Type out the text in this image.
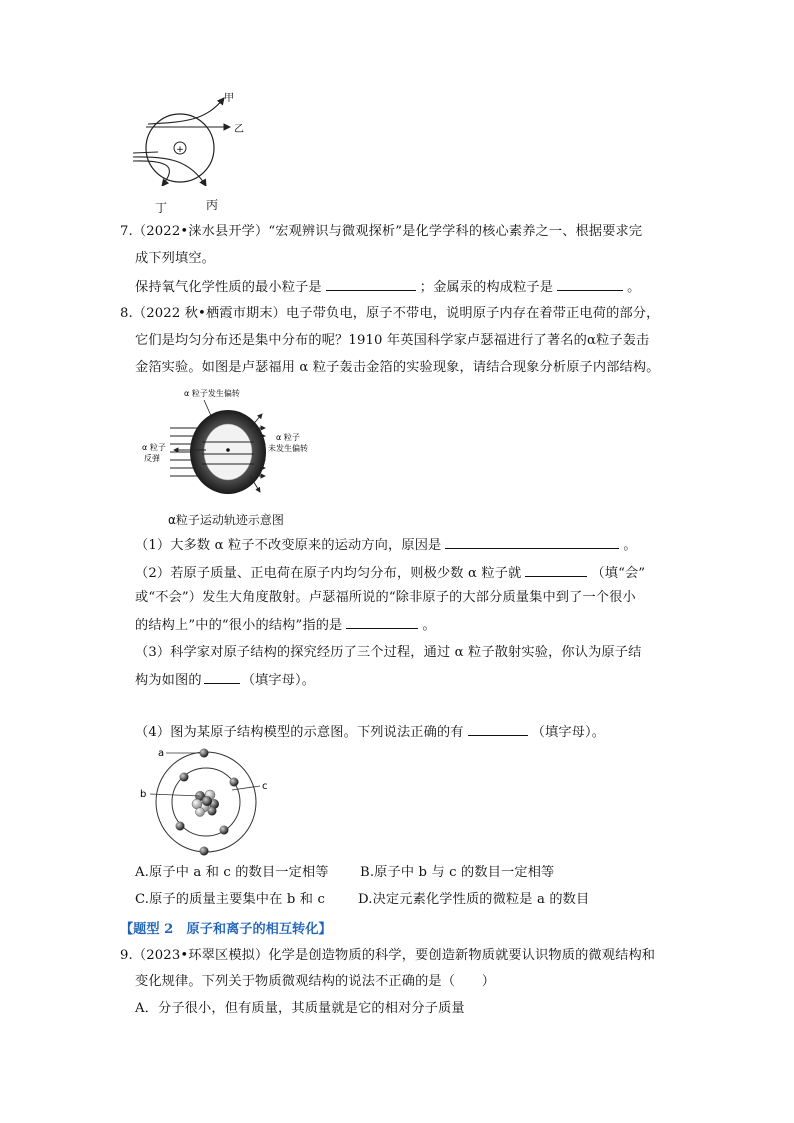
+
甲
乙
丙
丁
7.（2022•涞水县开学）“宏观辨识与微观探析”是化学学科的核心素养之一、根据要求完
成下列填空。
保持氧气化学性质的最小粒子是	；金属汞的构成粒子是	。
8.（2022 秋•栖霞市期末）电子带负电，原子不带电，说明原子内存在着带正电荷的部分，
它们是均匀分布还是集中分布的呢？1910 年英国科学家卢瑟福进行了著名的α粒子轰击
金箔实验。如图是卢瑟福用 α 粒子轰击金箔的实验现象，请结合现象分析原子内部结构。
α 粒子发生偏转
α 粒子
反弹
α 粒子
未发生偏转
α粒子运动轨迹示意图
（1）大多数 α 粒子不改变原来的运动方向，原因是	。
（2）若原子质量、正电荷在原子内均匀分布，则极少数 α 粒子就	（填“会”
或“不会”）发生大角度散射。卢瑟福所说的“除非原子的大部分质量集中到了一个很小
的结构上”中的“很小的结构”指的是	。
（3）科学家对原子结构的探究经历了三个过程，通过 α 粒子散射实验，你认为原子结
构为如图的	（填字母）。
（4）图为某原子结构模型的示意图。下列说法正确的有	（填字母）。
a
b
c
A.原子中 a 和 c 的数目一定相等 B.原子中 b 与 c 的数目一定相等
C.原子的质量主要集中在 b 和 c	D.决定元素化学性质的微粒是 a 的数目
【题型 2　原子和离子的相互转化】
9.（2023•环翠区模拟）化学是创造物质的科学，要创造新物质就要认识物质的微观结构和
变化规律。下列关于物质微观结构的说法不正确的是（　　）
A．分子很小，但有质量，其质量就是它的相对分子质量
